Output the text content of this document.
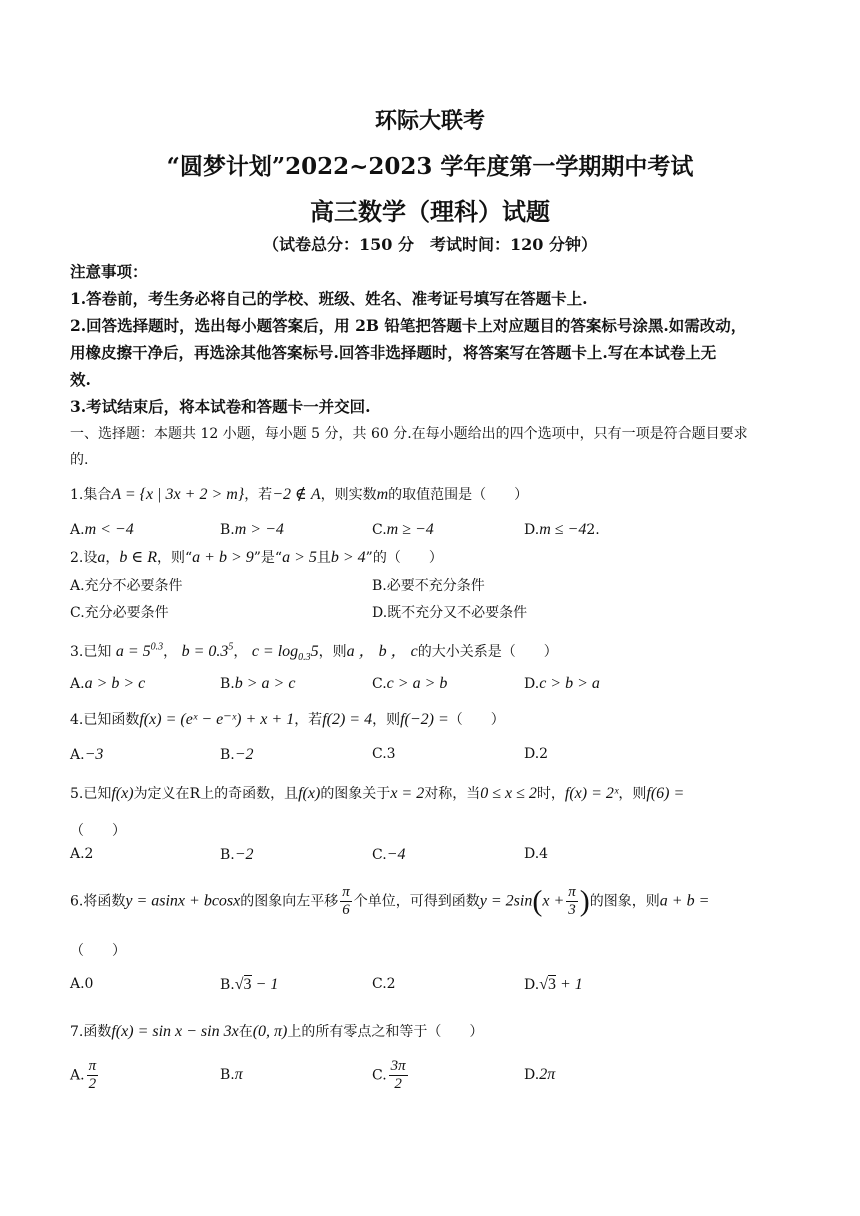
环际大联考
“圆梦计划”2022~2023 学年度第一学期期中考试
高三数学（理科）试题
（试卷总分：150 分　考试时间：120 分钟）
注意事项：
1.答卷前，考生务必将自己的学校、班级、姓名、准考证号填写在答题卡上.
2.回答选择题时，选出每小题答案后，用 2B 铅笔把答题卡上对应题目的答案标号涂黑.如需改动，
用橡皮擦干净后，再选涂其他答案标号.回答非选择题时，将答案写在答题卡上.写在本试卷上无
效.
3.考试结束后，将本试卷和答题卡一并交回.
一、选择题：本题共 12 小题，每小题 5 分，共 60 分.在每小题给出的四个选项中，只有一项是符合题目要求
的.
1.集合A = {x | 3x + 2 > m}，若−2 ∉ A，则实数m的取值范围是（　　）
A.m < −4	B.m > −4	C.m ≥ −4	D.m ≤ −42.
2.设a，b ∈ R，则“a + b > 9”是“a > 5且b > 4”的（　　）
A.充分不必要条件	B.必要不充分条件
C.充分必要条件	D.既不充分又不必要条件
3.已知 $a = 5^{0.3}$， $b = 0.3^5$， $c = \log_{0.3}5$，则a ， b ， c的大小关系是（　　）
A.a > b > c	B.b > a > c	C.c > a > b	D.c > b > a
4.已知函数f(x) = (eˣ − e⁻ˣ) + x + 1，若f(2) = 4，则f(−2) =（　　）
A.−3	B.−2	C.3	D.2
5.已知f(x)为定义在R上的奇函数，且f(x)的图象关于x = 2对称，当0 ≤ x ≤ 2时，f(x) = 2ˣ，则f(6) =
（　　）
A.2	B.−2	C.−4	D.4
6.将函数y = asinx + bcosx的图象向左平移 $\frac{\pi}{6}$ 个单位，可得到函数$y = 2\sin(x + \frac{\pi}{3}$ )的图象，则a + b =
（　　）
A.0	B.√3 − 1	C.2	D.√3 + 1
7.函数f(x) = sin x − sin 3x在(0, π)上的所有零点之和等于（　　）
A. $\frac{\pi}{2}$	B.π	C. $\frac{3\pi}{2}$	D.2π
